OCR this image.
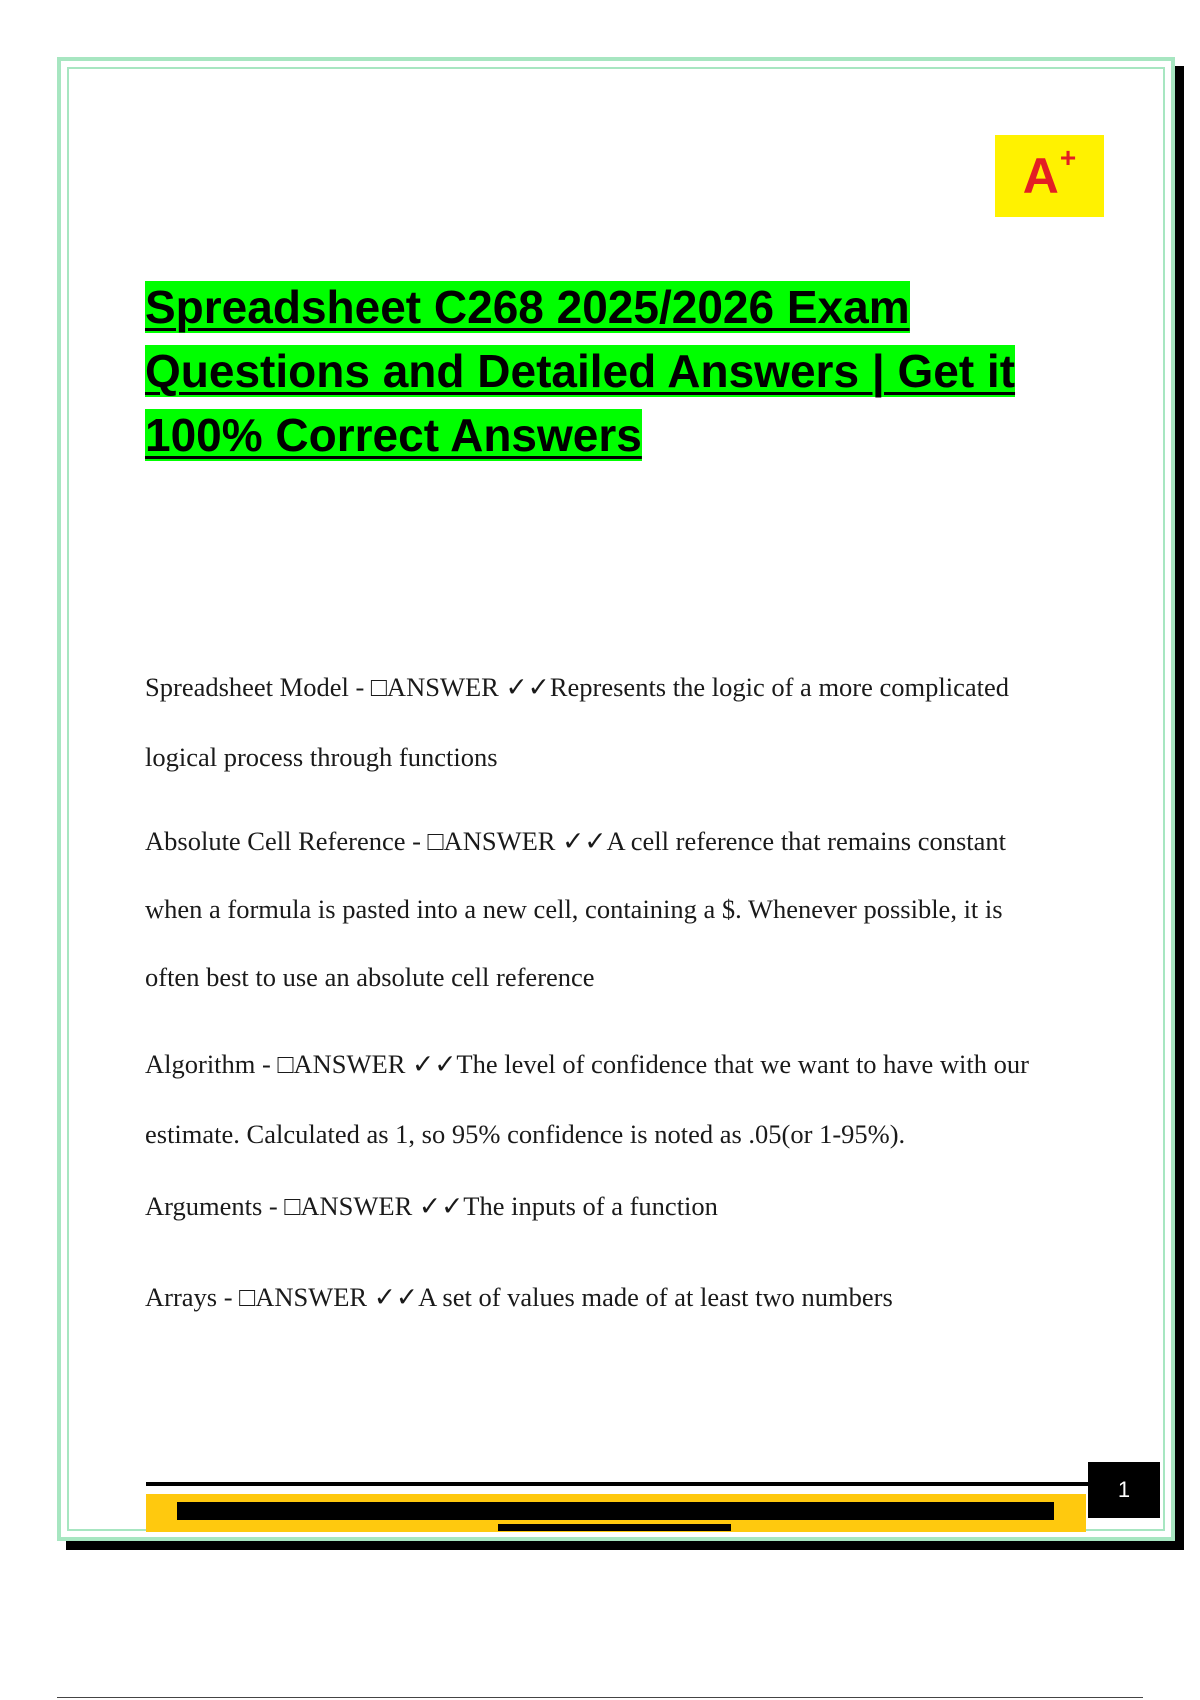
A +
Spreadsheet C268 2025/2026 Exam
Questions and Detailed Answers | Get it
100% Correct Answers
Spreadsheet Model - □ANSWER ✓✓Represents the logic of a more complicated
logical process through functions
Absolute Cell Reference - □ANSWER ✓✓A cell reference that remains constant
when a formula is pasted into a new cell, containing a $. Whenever possible, it is
often best to use an absolute cell reference
Algorithm - □ANSWER ✓✓The level of confidence that we want to have with our
estimate. Calculated as 1, so 95% confidence is noted as .05(or 1-95%).
Arguments - □ANSWER ✓✓The inputs of a function
Arrays - □ANSWER ✓✓A set of values made of at least two numbers
1
